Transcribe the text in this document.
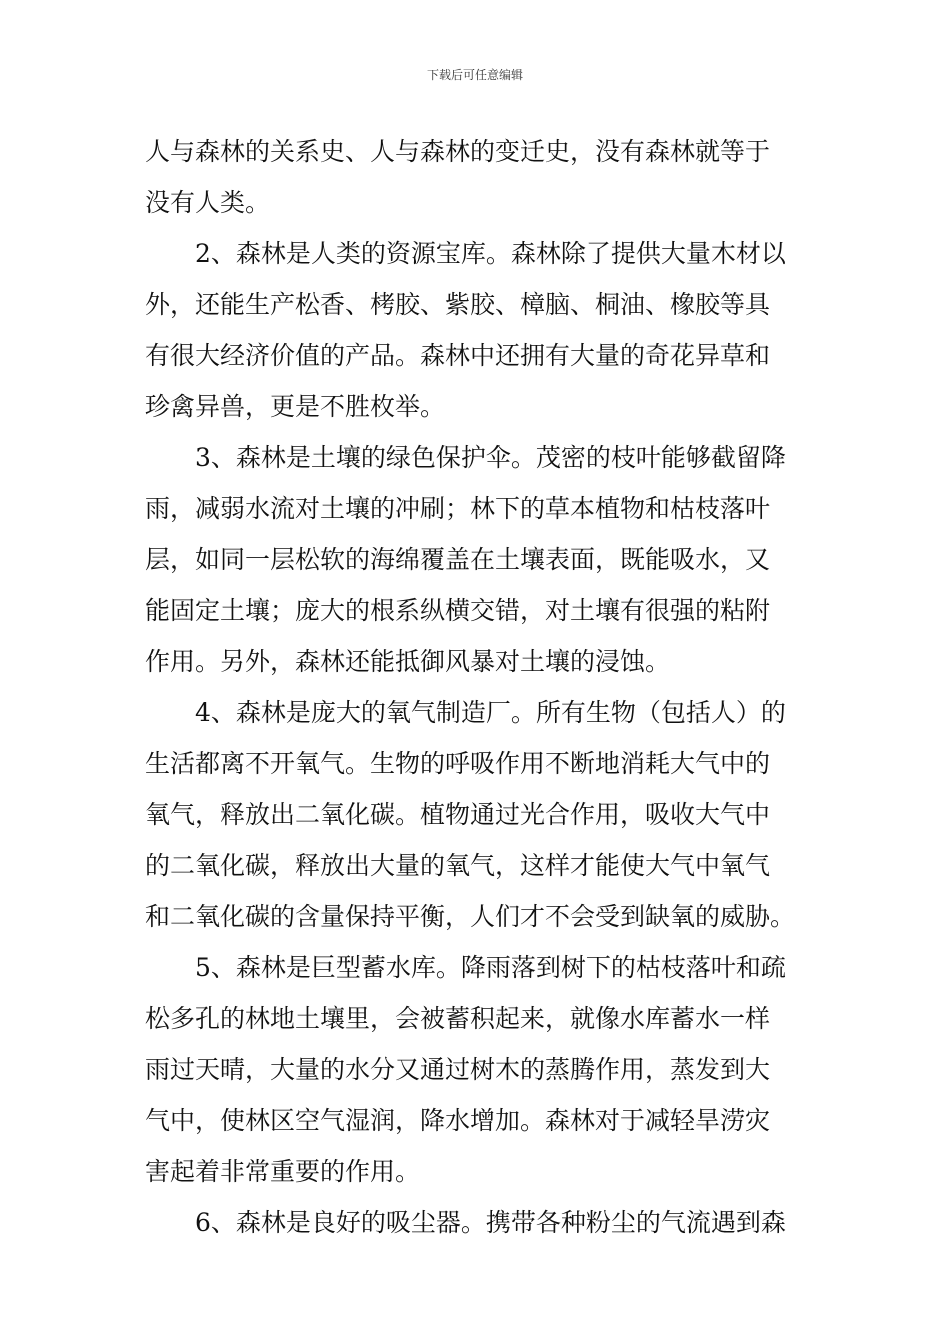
下载后可任意编辑
人与森林的关系史、人与森林的变迁史，没有森林就等于
没有人类。
2、森林是人类的资源宝库。森林除了提供大量木材以
外，还能生产松香、栲胶、紫胶、樟脑、桐油、橡胶等具
有很大经济价值的产品。森林中还拥有大量的奇花异草和
珍禽异兽，更是不胜枚举。
3、森林是土壤的绿色保护伞。茂密的枝叶能够截留降
雨，减弱水流对土壤的冲刷；林下的草本植物和枯枝落叶
层，如同一层松软的海绵覆盖在土壤表面，既能吸水，又
能固定土壤；庞大的根系纵横交错，对土壤有很强的粘附
作用。另外，森林还能抵御风暴对土壤的浸蚀。
4、森林是庞大的氧气制造厂。所有生物（包括人）的
生活都离不开氧气。生物的呼吸作用不断地消耗大气中的
氧气，释放出二氧化碳。植物通过光合作用，吸收大气中
的二氧化碳，释放出大量的氧气，这样才能使大气中氧气
和二氧化碳的含量保持平衡，人们才不会受到缺氧的威胁。
5、森林是巨型蓄水库。降雨落到树下的枯枝落叶和疏
松多孔的林地土壤里，会被蓄积起来，就像水库蓄水一样
雨过天晴，大量的水分又通过树木的蒸腾作用，蒸发到大
气中，使林区空气湿润，降水增加。森林对于减轻旱涝灾
害起着非常重要的作用。
6、森林是良好的吸尘器。携带各种粉尘的气流遇到森
